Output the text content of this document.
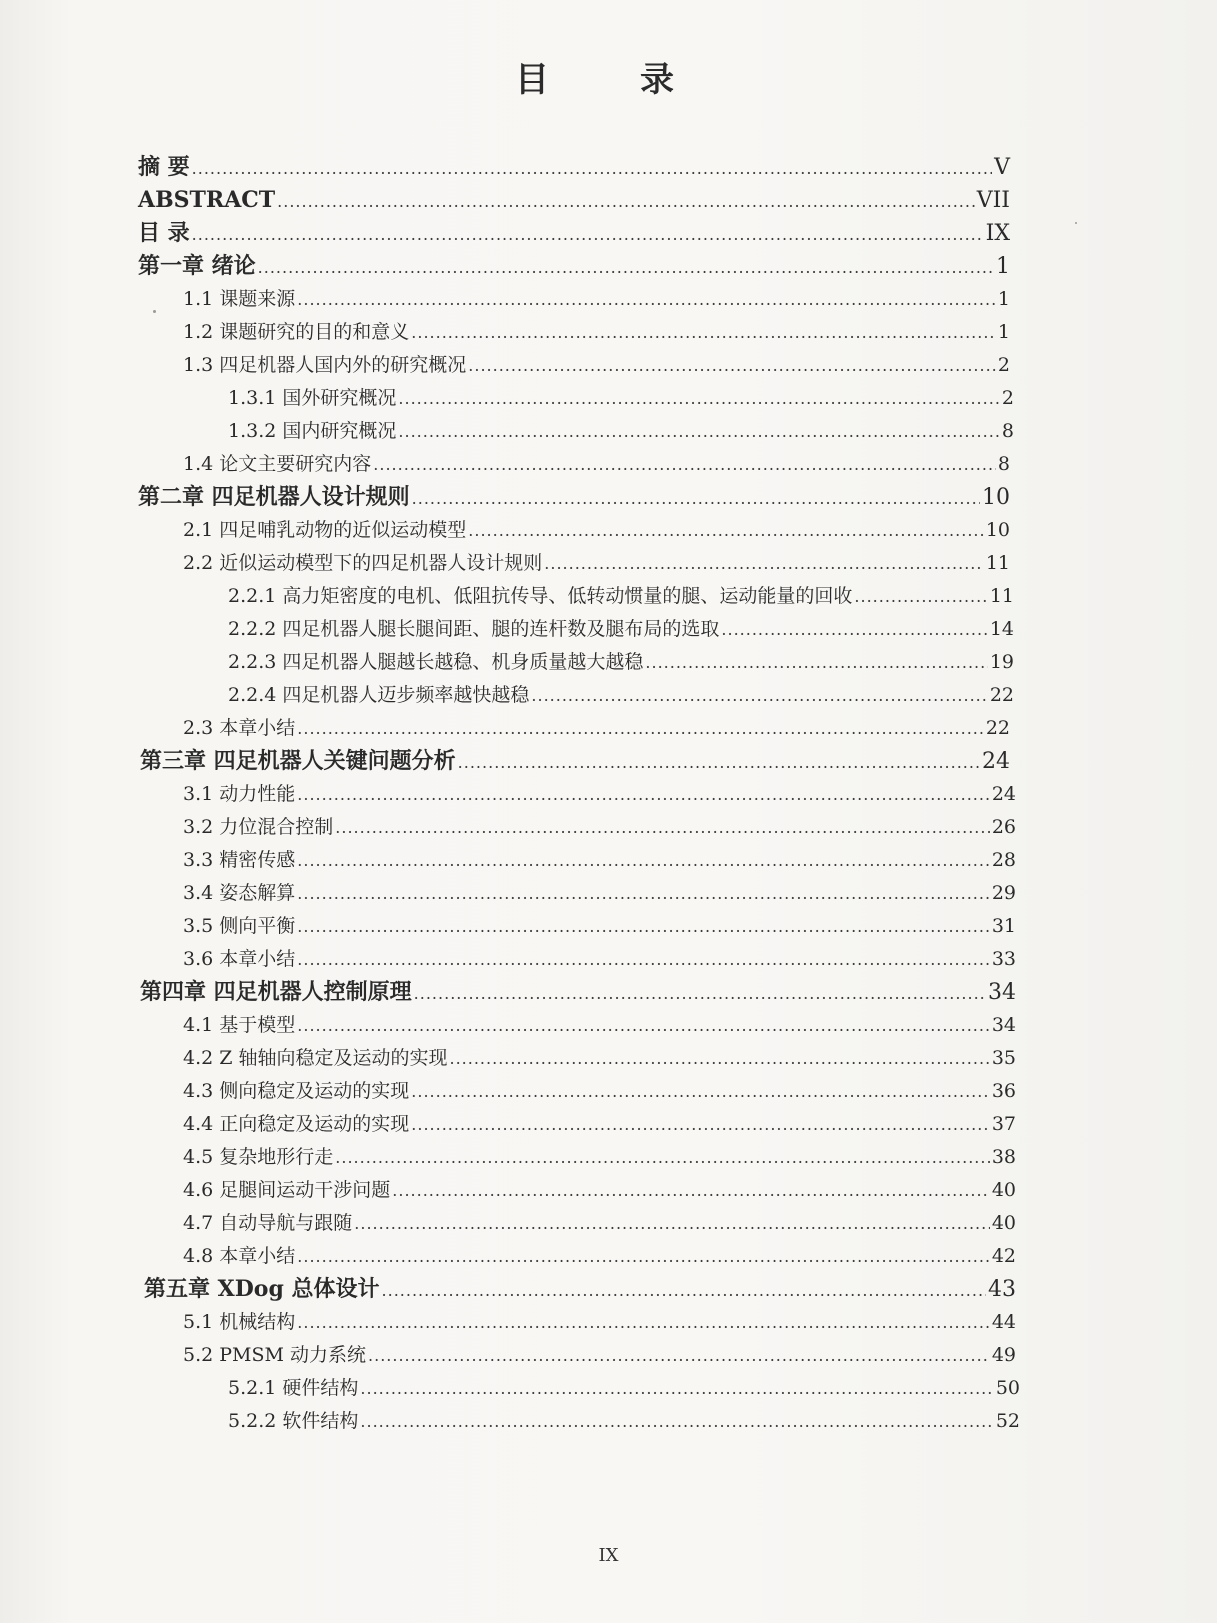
目	录
摘 要 .....	V
ABSTRACT .....	VII
目 录 .....	IX
第一章 绪论 .....	1
1.1 课题来源 .....	1
1.2 课题研究的目的和意义 .....	1
1.3 四足机器人国内外的研究概况 .....	2
1.3.1 国外研究概况 .....	2
1.3.2 国内研究概况 .....	8
1.4 论文主要研究内容 .....	8
第二章 四足机器人设计规则 .....	10
2.1 四足哺乳动物的近似运动模型 .....	10
2.2 近似运动模型下的四足机器人设计规则 .....	11
2.2.1 高力矩密度的电机、低阻抗传导、低转动惯量的腿、运动能量的回收 .....	11
2.2.2 四足机器人腿长腿间距、腿的连杆数及腿布局的选取 .....	14
2.2.3 四足机器人腿越长越稳、机身质量越大越稳 .....	19
2.2.4 四足机器人迈步频率越快越稳 .....	22
2.3 本章小结 .....	22
第三章 四足机器人关键问题分析 .....	24
3.1 动力性能 .....	24
3.2 力位混合控制 .....	26
3.3 精密传感 .....	28
3.4 姿态解算 .....	29
3.5 侧向平衡 .....	31
3.6 本章小结 .....	33
第四章 四足机器人控制原理 .....	34
4.1 基于模型 .....	34
4.2 Z 轴轴向稳定及运动的实现 .....	35
4.3 侧向稳定及运动的实现 .....	36
4.4 正向稳定及运动的实现 .....	37
4.5 复杂地形行走 .....	38
4.6 足腿间运动干涉问题 .....	40
4.7 自动导航与跟随 .....	40
4.8 本章小结 .....	42
第五章 XDog 总体设计 .....	43
5.1 机械结构 .....	44
5.2 PMSM 动力系统 .....	49
5.2.1 硬件结构 .....	50
5.2.2 软件结构 .....	52
IX
